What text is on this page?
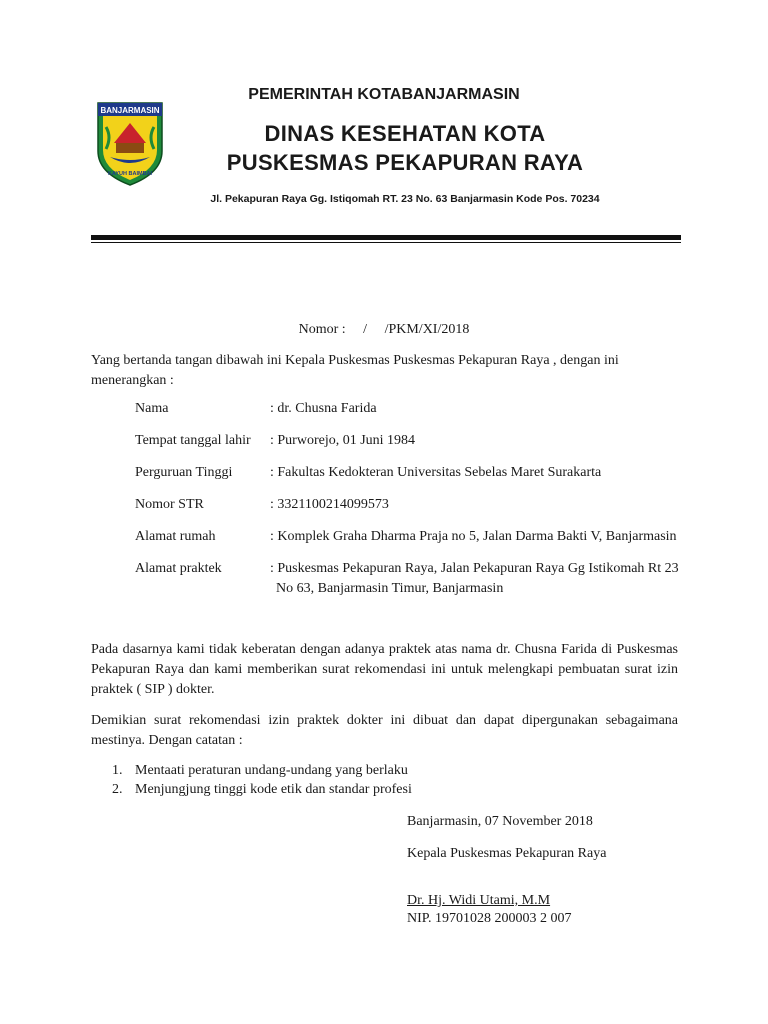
BANJARMASIN
KAYUH BAIMBAI
PEMERINTAH KOTABANJARMASIN
DINAS KESEHATAN KOTA
PUSKESMAS PEKAPURAN RAYA
Jl. Pekapuran Raya Gg. Istiqomah RT. 23 No. 63 Banjarmasin Kode Pos. 70234
Nomor :     /     /PKM/XI/2018
Yang bertanda tangan dibawah ini Kepala Puskesmas Puskesmas Pekapuran Raya , dengan ini menerangkan :
Nama	: dr. Chusna Farida
Tempat tanggal lahir : Purworejo, 01 Juni 1984
Perguruan Tinggi	: Fakultas Kedokteran Universitas Sebelas Maret Surakarta
Nomor STR	: 3321100214099573
Alamat rumah	: Komplek Graha Dharma Praja no 5, Jalan Darma Bakti V, Banjarmasin
Alamat praktek	: Puskesmas Pekapuran Raya, Jalan Pekapuran Raya Gg Istikomah Rt 23
No 63, Banjarmasin Timur, Banjarmasin
Pada dasarnya kami tidak keberatan dengan adanya praktek atas nama dr. Chusna Farida di Puskesmas Pekapuran Raya dan kami memberikan surat rekomendasi ini untuk melengkapi pembuatan surat izin praktek ( SIP ) dokter.
Demikian surat rekomendasi izin praktek dokter ini dibuat dan dapat dipergunakan sebagaimana mestinya. Dengan catatan :
1. Mentaati peraturan undang-undang yang berlaku
2. Menjungjung tinggi kode etik dan standar profesi
Banjarmasin, 07 November 2018
Kepala Puskesmas Pekapuran Raya
Dr. Hj. Widi Utami, M.M
NIP. 19701028 200003 2 007
